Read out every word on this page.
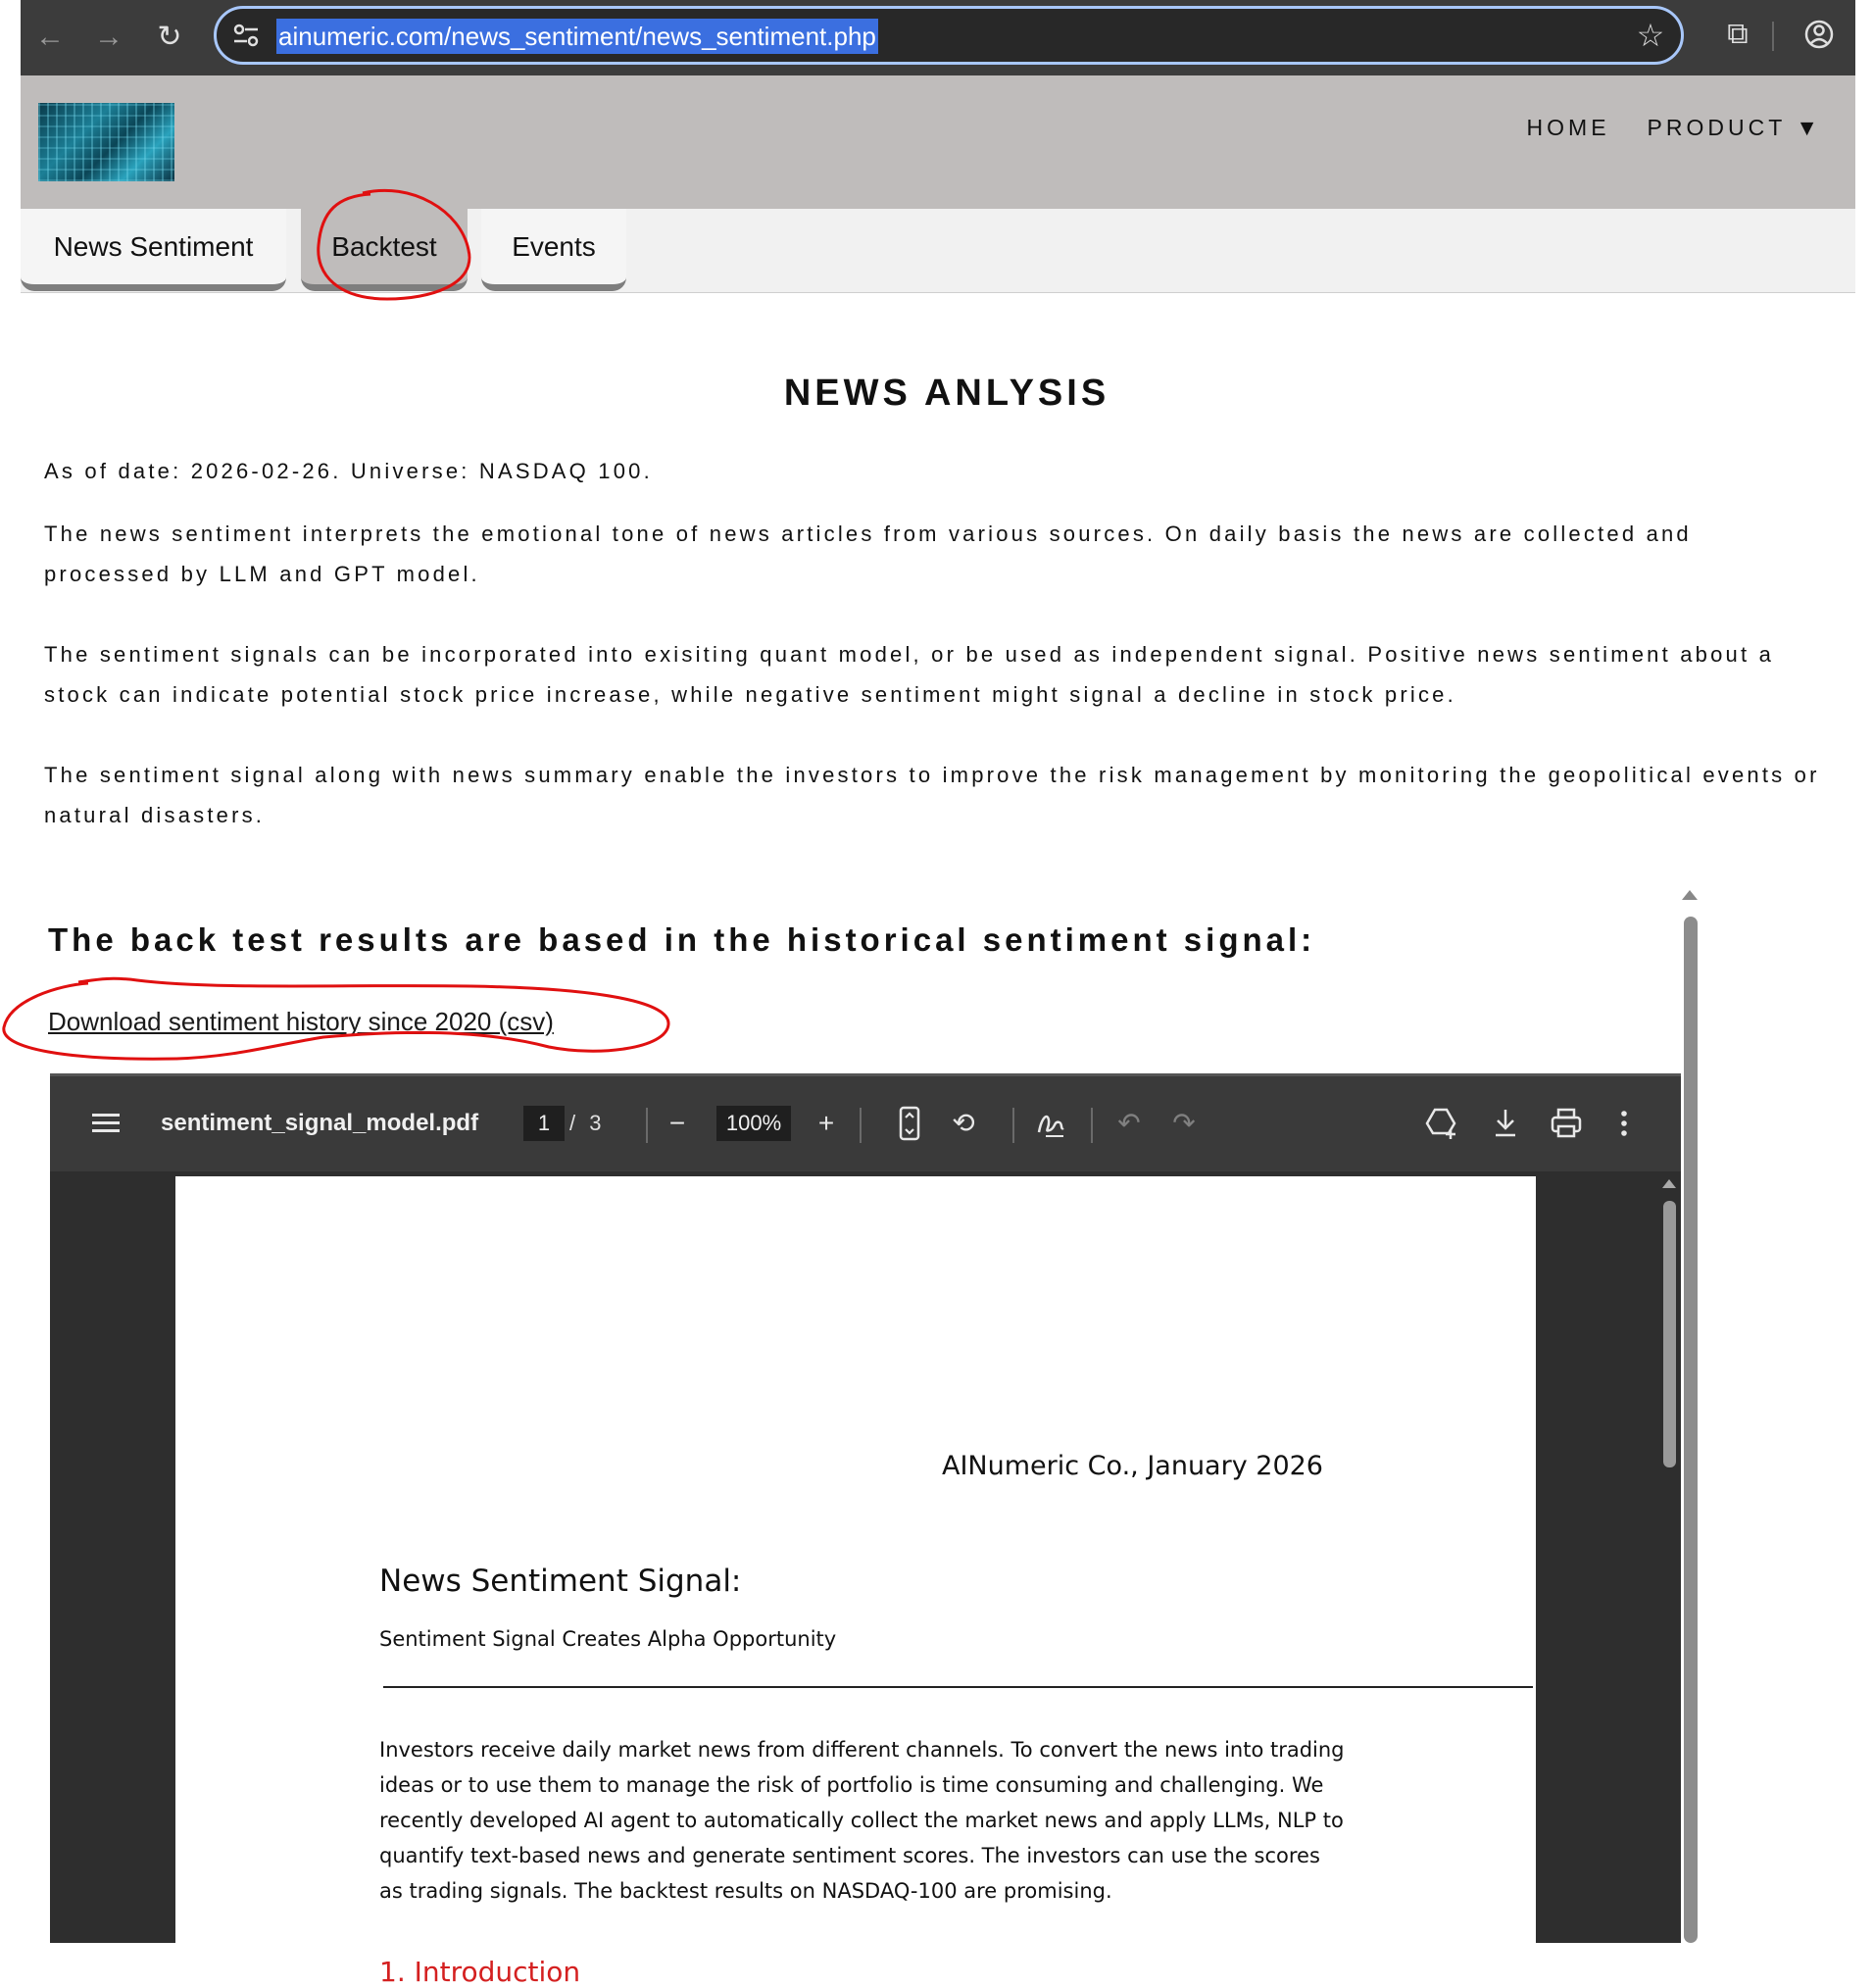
← →	↻	ainumeric.com/news_sentiment/news_sentiment.php	☆	⧉
HOME PRODUCT ▼
News Sentiment	Backtest	Events
NEWS ANLYSIS

As of date: 2026-02-26. Universe: NASDAQ 100.

The news sentiment interprets the emotional tone of news articles from various sources. On daily basis the news are collected and processed by LLM and GPT model.

The sentiment signals can be incorporated into exisiting quant model, or be used as independent signal. Positive news sentiment about a stock can indicate potential stock price increase, while negative sentiment might signal a decline in stock price.

The sentiment signal along with news summary enable the investors to improve the risk management by monitoring the geopolitical events or natural disasters.

The back test results are based in the historical sentiment signal:
Download sentiment history since 2020 (csv)
sentiment_signal_model.pdf	1 / 3	−	100%	+	⟲	↶ ↷
AINumeric Co., January 2026
News Sentiment Signal:
Sentiment Signal Creates Alpha Opportunity
Investors receive daily market news from different channels. To convert the news into trading ideas or to use them to manage the risk of portfolio is time consuming and challenging. We recently developed AI agent to automatically collect the market news and apply LLMs, NLP to quantify text-based news and generate sentiment scores. The investors can use the scores as trading signals. The backtest results on NASDAQ-100 are promising.
1. Introduction
